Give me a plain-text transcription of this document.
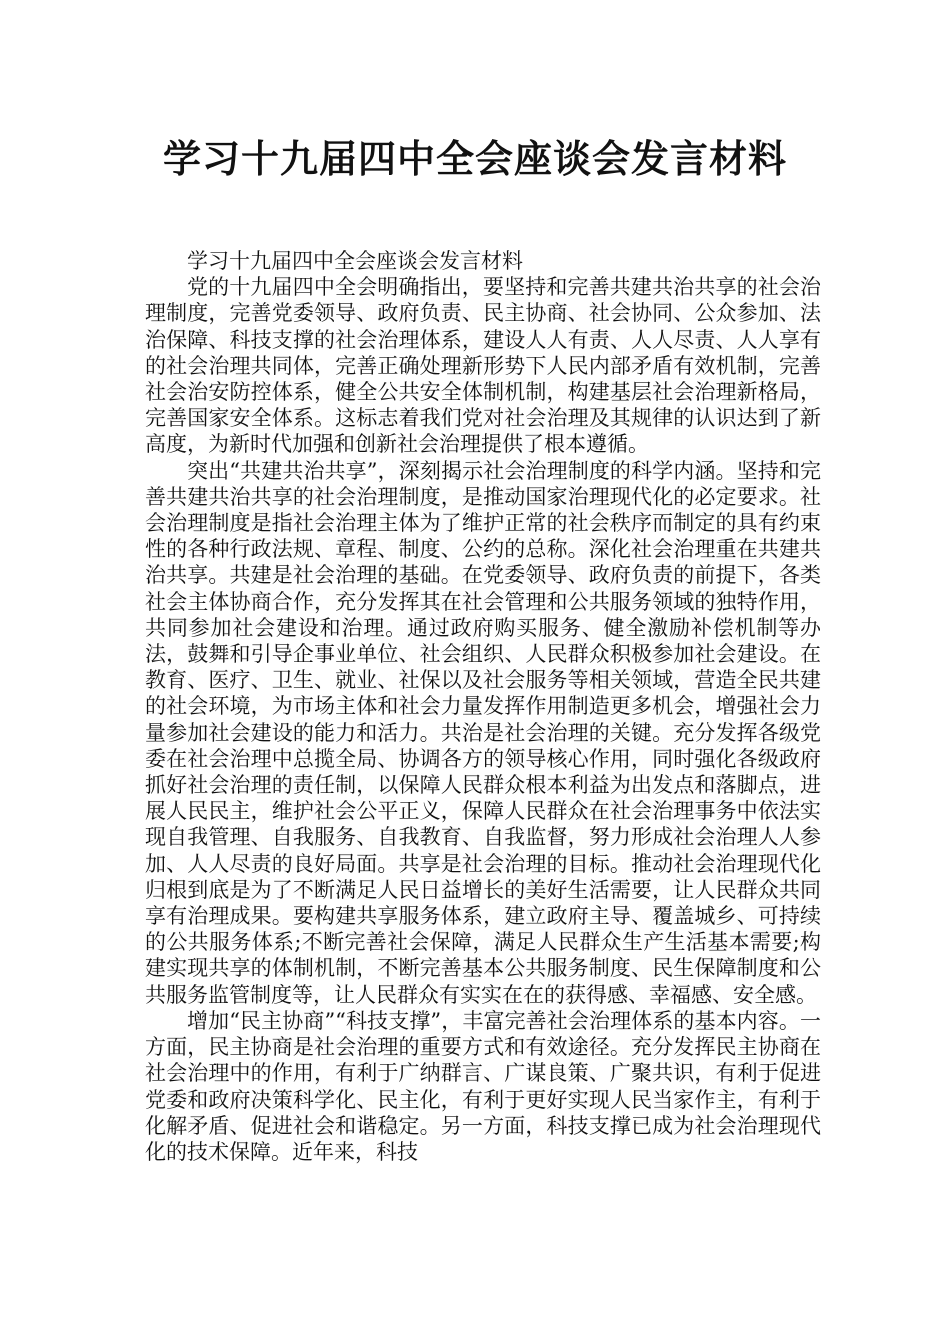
学习十九届四中全会座谈会发言材料

学习十九届四中全会座谈会发言材料

党的十九届四中全会明确指出，要坚持和完善共建共治共享的社会治理制度，完善党委领导、政府负责、民主协商、社会协同、公众参加、法治保障、科技支撑的社会治理体系，建设人人有责、人人尽责、人人享有的社会治理共同体，完善正确处理新形势下人民内部矛盾有效机制，完善社会治安防控体系，健全公共安全体制机制，构建基层社会治理新格局，完善国家安全体系。这标志着我们党对社会治理及其规律的认识达到了新高度，为新时代加强和创新社会治理提供了根本遵循。

突出“共建共治共享”，深刻揭示社会治理制度的科学内涵。坚持和完善共建共治共享的社会治理制度，是推动国家治理现代化的必定要求。社会治理制度是指社会治理主体为了维护正常的社会秩序而制定的具有约束性的各种行政法规、章程、制度、公约的总称。深化社会治理重在共建共治共享。共建是社会治理的基础。在党委领导、政府负责的前提下，各类社会主体协商合作，充分发挥其在社会管理和公共服务领域的独特作用，共同参加社会建设和治理。通过政府购买服务、健全激励补偿机制等办法，鼓舞和引导企事业单位、社会组织、人民群众积极参加社会建设。在教育、医疗、卫生、就业、社保以及社会服务等相关领域，营造全民共建的社会环境，为市场主体和社会力量发挥作用制造更多机会，增强社会力量参加社会建设的能力和活力。共治是社会治理的关键。充分发挥各级党委在社会治理中总揽全局、协调各方的领导核心作用，同时强化各级政府抓好社会治理的责任制，以保障人民群众根本利益为出发点和落脚点，进展人民民主，维护社会公平正义，保障人民群众在社会治理事务中依法实现自我管理、自我服务、自我教育、自我监督，努力形成社会治理人人参加、人人尽责的良好局面。共享是社会治理的目标。推动社会治理现代化归根到底是为了不断满足人民日益增长的美好生活需要，让人民群众共同享有治理成果。要构建共享服务体系，建立政府主导、覆盖城乡、可持续的公共服务体系;不断完善社会保障，满足人民群众生产生活基本需要;构建实现共享的体制机制，不断完善基本公共服务制度、民生保障制度和公共服务监管制度等，让人民群众有实实在在的获得感、幸福感、安全感。

增加“民主协商”“科技支撑”，丰富完善社会治理体系的基本内容。一方面，民主协商是社会治理的重要方式和有效途径。充分发挥民主协商在社会治理中的作用，有利于广纳群言、广谋良策、广聚共识，有利于促进党委和政府决策科学化、民主化，有利于更好实现人民当家作主，有利于化解矛盾、促进社会和谐稳定。另一方面，科技支撑已成为社会治理现代化的技术保障。近年来，科技
